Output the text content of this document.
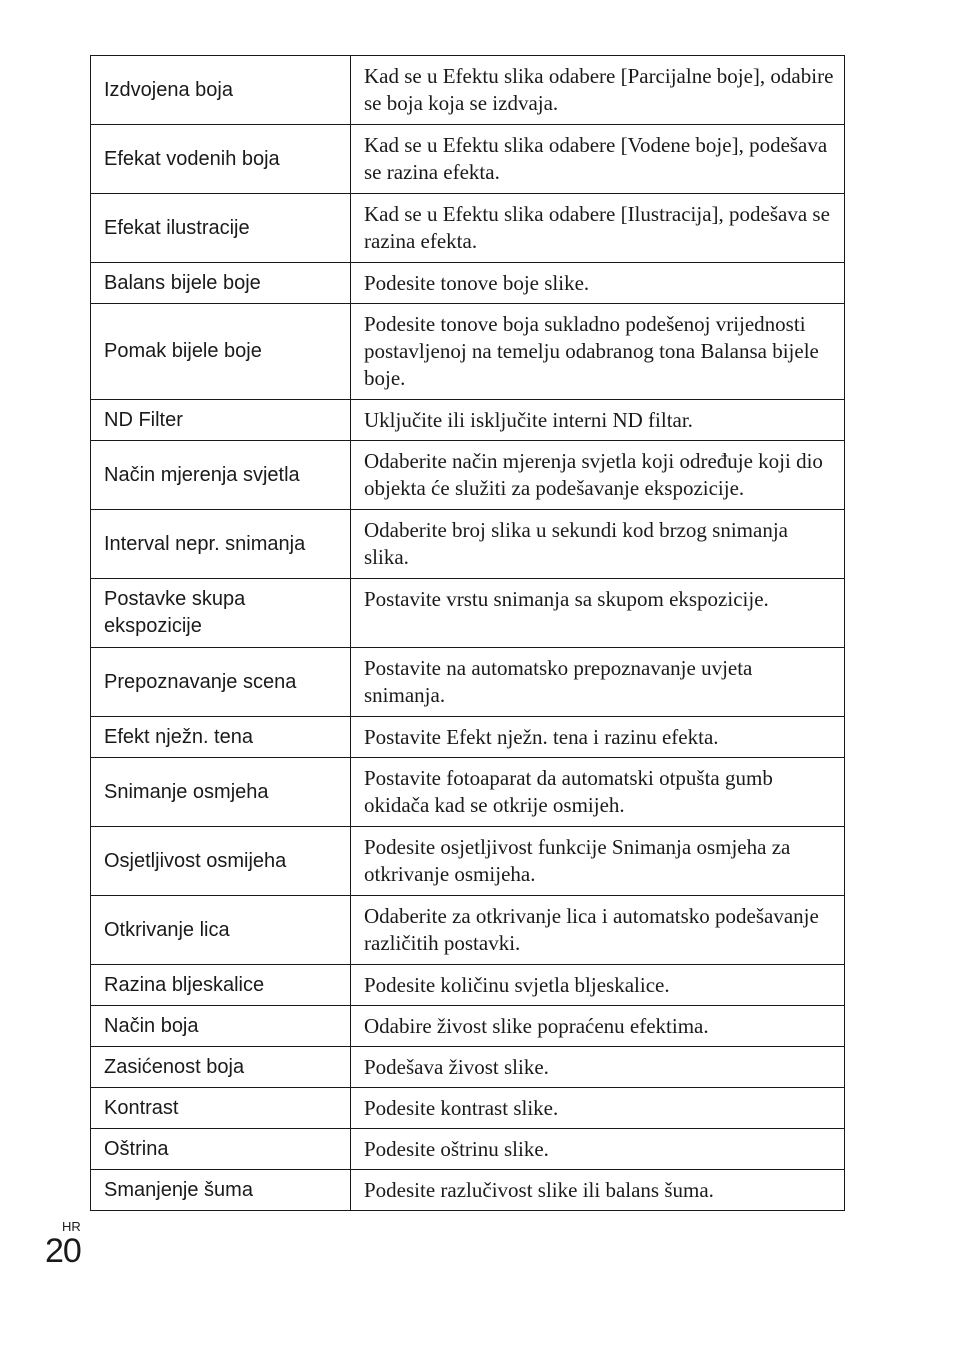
Izdvojena boja	Kad se u Efektu slika odabere [Parcijalne boje], odabire se boja koja se izdvaja.

Efekat vodenih boja	Kad se u Efektu slika odabere [Vodene boje], podešava se razina efekta.

Efekat ilustracije	Kad se u Efektu slika odabere [Ilustracija], podešava se razina efekta.

Balans bijele boje	Podesite tonove boje slike.

Pomak bijele boje	Podesite tonove boja sukladno podešenoj vrijednosti postavljenoj na temelju odabranog tona Balansa bijele boje.

ND Filter	Uključite ili isključite interni ND filtar.

Način mjerenja svjetla	Odaberite način mjerenja svjetla koji određuje koji dio objekta će služiti za podešavanje ekspozicije.

Interval nepr. snimanja	Odaberite broj slika u sekundi kod brzog snimanja slika.

Postavke skupa ekspozicije	Postavite vrstu snimanja sa skupom ekspozicije.

Prepoznavanje scena	Postavite na automatsko prepoznavanje uvjeta snimanja.

Efekt nježn. tena	Postavite Efekt nježn. tena i razinu efekta.

Snimanje osmjeha	Postavite fotoaparat da automatski otpušta gumb okidača kad se otkrije osmijeh.

Osjetljivost osmijeha	Podesite osjetljivost funkcije Snimanja osmjeha za otkrivanje osmijeha.

Otkrivanje lica	Odaberite za otkrivanje lica i automatsko podešavanje različitih postavki.

Razina bljeskalice	Podesite količinu svjetla bljeskalice.

Način boja	Odabire živost slike popraćenu efektima.

Zasićenost boja	Podešava živost slike.

Kontrast	Podesite kontrast slike.

Oštrina	Podesite oštrinu slike.

Smanjenje šuma	Podesite razlučivost slike ili balans šuma.
HR
20
